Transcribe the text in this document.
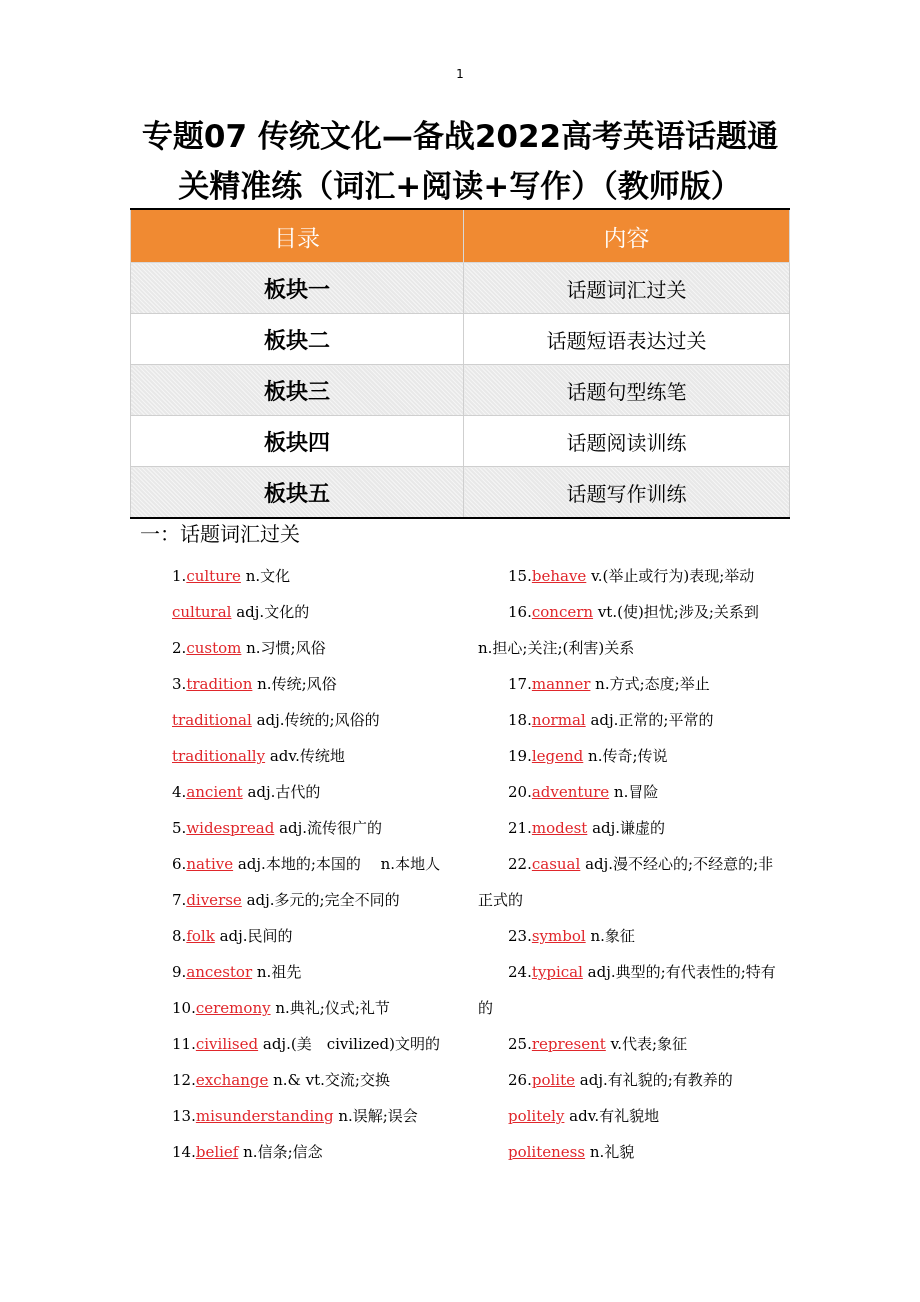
1
专题07 传统文化—备战2022高考英语话题通
关精准练（词汇+阅读+写作）（教师版）
目录	内容
板块一	话题词汇过关
板块二	话题短语表达过关
板块三	话题句型练笔
板块四	话题阅读训练
板块五	话题写作训练
一：话题词汇过关
1.culture n.文化
cultural adj.文化的
2.custom n.习惯;风俗
3.tradition n.传统;风俗
traditional adj.传统的;风俗的
traditionally adv.传统地
4.ancient adj.古代的
5.widespread adj.流传很广的
6.native adj.本地的;本国的　 n.本地人
7.diverse adj.多元的;完全不同的
8.folk adj.民间的
9.ancestor n.祖先
10.ceremony n.典礼;仪式;礼节
11.civilised adj.(美　civilized)文明的
12.exchange n.& vt.交流;交换
13.misunderstanding n.误解;误会
14.belief n.信条;信念
15.behave v.(举止或行为)表现;举动
16.concern vt.(使)担忧;涉及;关系到　 n.担心;关注;(利害)关系
17.manner n.方式;态度;举止
18.normal adj.正常的;平常的
19.legend n.传奇;传说
20.adventure n.冒险
21.modest adj.谦虚的
22.casual adj.漫不经心的;不经意的;非正式的
23.symbol n.象征
24.typical adj.典型的;有代表性的;特有的
25.represent v.代表;象征
26.polite adj.有礼貌的;有教养的
politely adv.有礼貌地
politeness n.礼貌
